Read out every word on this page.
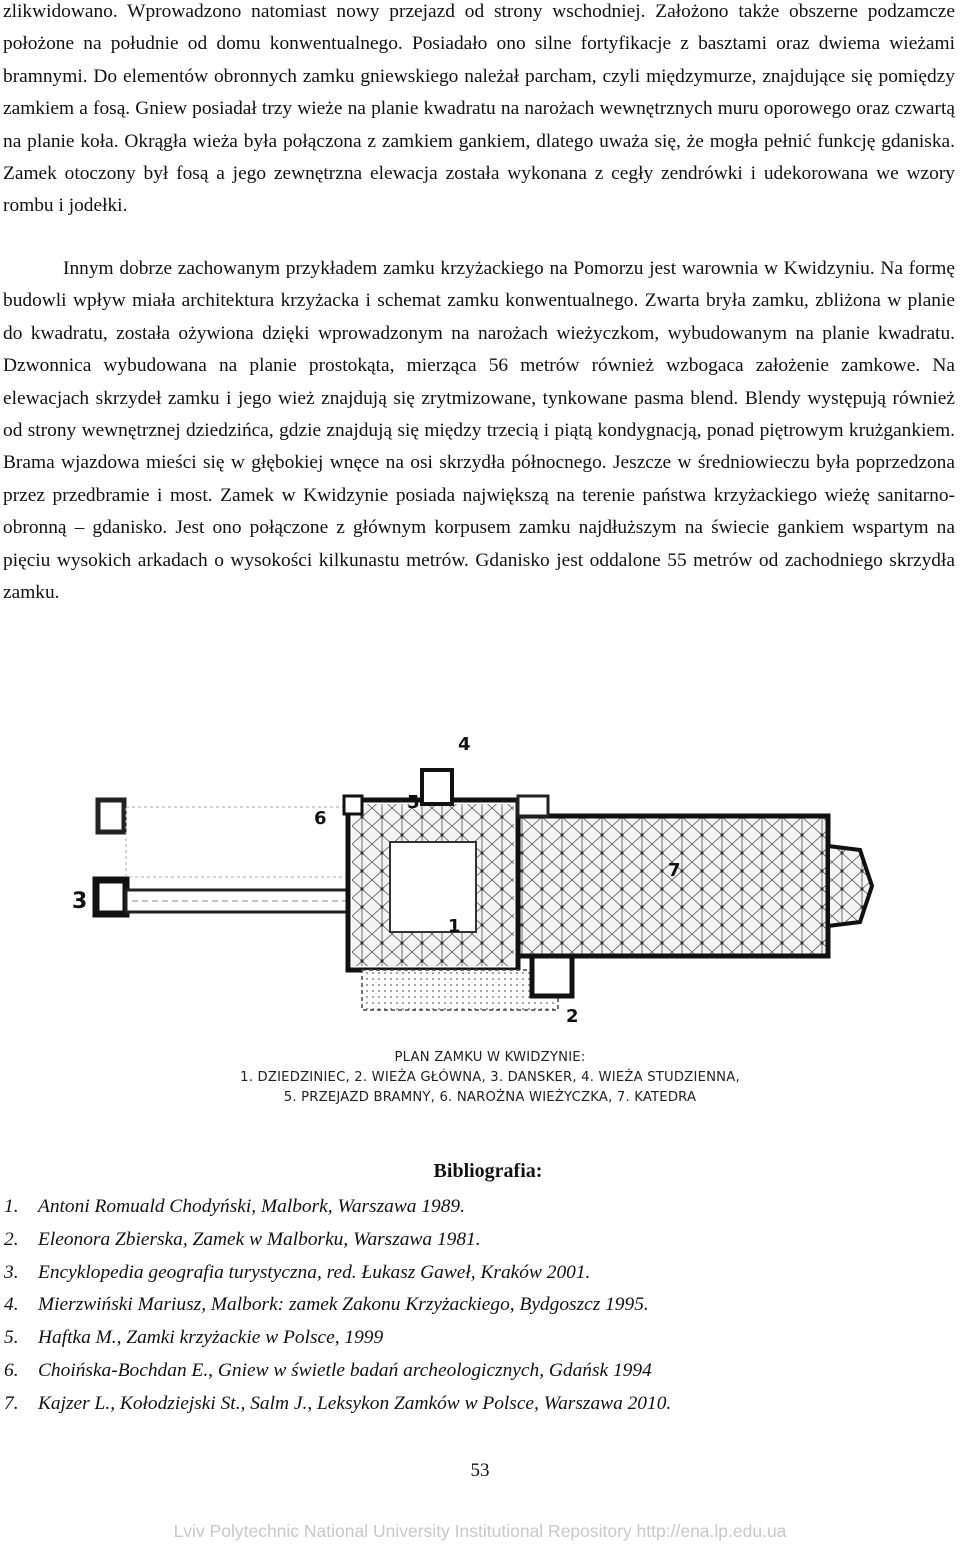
zlikwidowano. Wprowadzono natomiast nowy przejazd od strony wschodniej. Założono także obszerne podzamcze położone na południe od domu konwentualnego. Posiadało ono silne fortyfikacje z basztami oraz dwiema wieżami bramnymi. Do elementów obronnych zamku gniewskiego należał parcham, czyli międzymurze, znajdujące się pomiędzy zamkiem a fosą. Gniew posiadał trzy wieże na planie kwadratu na narożach wewnętrznych muru oporowego oraz czwartą na planie koła. Okrągła wieża była połączona z zamkiem gankiem, dlatego uważa się, że mogła pełnić funkcję gdaniska. Zamek otoczony był fosą a jego zewnętrzna elewacja została wykonana z cegły zendrówki i udekorowana we wzory rombu i jodełki.

Innym dobrze zachowanym przykładem zamku krzyżackiego na Pomorzu jest warownia w Kwidzyniu. Na formę budowli wpływ miała architektura krzyżacka i schemat zamku konwentualnego. Zwarta bryła zamku, zbliżona w planie do kwadratu, została ożywiona dzięki wprowadzonym na narożach wieżyczkom, wybudowanym na planie kwadratu. Dzwonnica wybudowana na planie prostokąta, mierząca 56 metrów również wzbogaca założenie zamkowe. Na elewacjach skrzydeł zamku i jego wież znajdują się zrytmizowane, tynkowane pasma blend. Blendy występują również od strony wewnętrznej dziedzińca, gdzie znajdują się między trzecią i piątą kondygnacją, ponad piętrowym krużgankiem. Brama wjazdowa mieści się w głębokiej wnęce na osi skrzydła północnego. Jeszcze w średniowieczu była poprzedzona przez przedbramie i most. Zamek w Kwidzynie posiada największą na terenie państwa krzyżackiego wieżę sanitarno-obronną – gdanisko. Jest ono połączone z głównym korpusem zamku najdłuższym na świecie gankiem wspartym na pięciu wysokich arkadach o wysokości kilkunastu metrów. Gdanisko jest oddalone 55 metrów od zachodniego skrzydła zamku.

3
6
5
4
1
2
7
PLAN ZAMKU W KWIDZYNIE:
1. DZIEDZINIEC, 2. WIEŻA GŁÓWNA, 3. DANSKER, 4. WIEŻA STUDZIENNA,
5. PRZEJAZD BRAMNY, 6. NAROŻNA WIEŻYCZKA, 7. KATEDRA
Bibliografia:
1. Antoni Romuald Chodyński, Malbork, Warszawa 1989.
2. Eleonora Zbierska, Zamek w Malborku, Warszawa 1981.
3. Encyklopedia geografia turystyczna, red. Łukasz Gaweł, Kraków 2001.
4. Mierzwiński Mariusz, Malbork: zamek Zakonu Krzyżackiego, Bydgoszcz 1995.
5. Haftka M., Zamki krzyżackie w Polsce, 1999
6. Choińska-Bochdan E., Gniew w świetle badań archeologicznych, Gdańsk 1994
7. Kajzer L., Kołodziejski St., Salm J., Leksykon Zamków w Polsce, Warszawa 2010.
53
Lviv Polytechnic National University Institutional Repository http://ena.lp.edu.ua
